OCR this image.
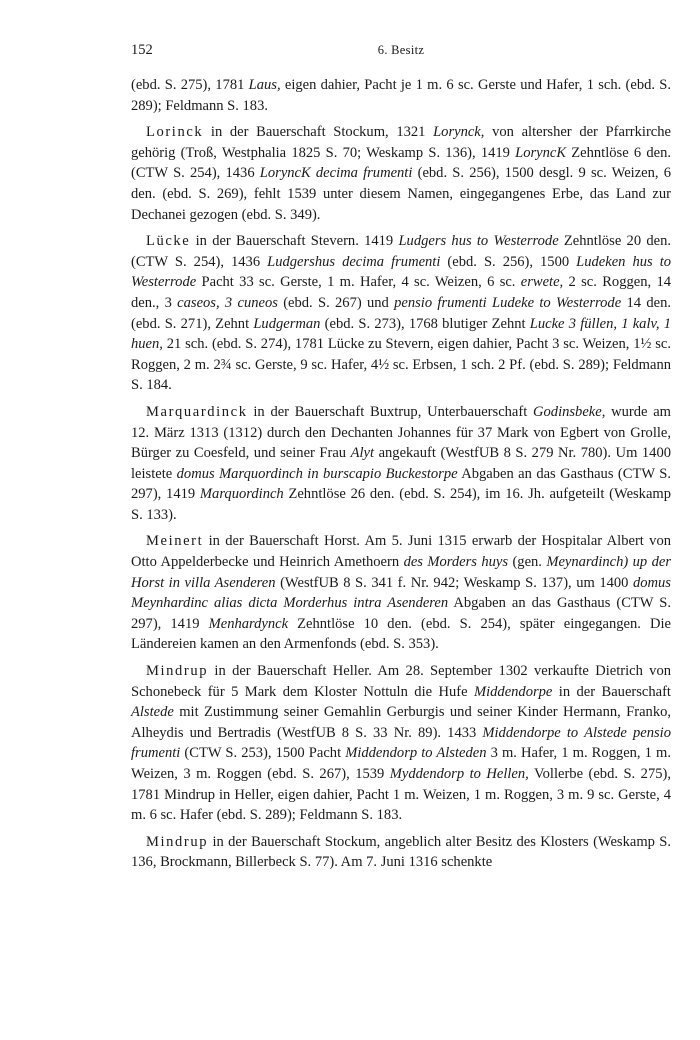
152	6. Besitz

(ebd. S. 275), 1781 Laus, eigen dahier, Pacht je 1 m. 6 sc. Gerste und Hafer, 1 sch. (ebd. S. 289); Feldmann S. 183.

Lorinck in der Bauerschaft Stockum, 1321 Lorynck, von altersher der Pfarrkirche gehörig (Troß, Westphalia 1825 S. 70; Weskamp S. 136), 1419 LoryncK Zehntlöse 6 den. (CTW S. 254), 1436 LoryncK decima frumenti (ebd. S. 256), 1500 desgl. 9 sc. Weizen, 6 den. (ebd. S. 269), fehlt 1539 unter diesem Namen, eingegangenes Erbe, das Land zur Dechanei gezogen (ebd. S. 349).

Lücke in der Bauerschaft Stevern. 1419 Ludgers hus to Westerrode Zehntlöse 20 den. (CTW S. 254), 1436 Ludgershus decima frumenti (ebd. S. 256), 1500 Ludeken hus to Westerrode Pacht 33 sc. Gerste, 1 m. Hafer, 4 sc. Weizen, 6 sc. erwete, 2 sc. Roggen, 14 den., 3 caseos, 3 cuneos (ebd. S. 267) und pensio frumenti Ludeke to Westerrode 14 den. (ebd. S. 271), Zehnt Ludgerman (ebd. S. 273), 1768 blutiger Zehnt Lucke 3 füllen, 1 kalv, 1 huen, 21 sch. (ebd. S. 274), 1781 Lücke zu Stevern, eigen dahier, Pacht 3 sc. Weizen, 1½ sc. Roggen, 2 m. 2¾ sc. Gerste, 9 sc. Hafer, 4½ sc. Erbsen, 1 sch. 2 Pf. (ebd. S. 289); Feldmann S. 184.

Marquardinck in der Bauerschaft Buxtrup, Unterbauerschaft Godinsbeke, wurde am 12. März 1313 (1312) durch den Dechanten Johannes für 37 Mark von Egbert von Grolle, Bürger zu Coesfeld, und seiner Frau Alyt angekauft (WestfUB 8 S. 279 Nr. 780). Um 1400 leistete domus Marquordinch in burscapio Buckestorpe Abgaben an das Gasthaus (CTW S. 297), 1419 Marquordinch Zehntlöse 26 den. (ebd. S. 254), im 16. Jh. aufgeteilt (Weskamp S. 133).

Meinert in der Bauerschaft Horst. Am 5. Juni 1315 erwarb der Hospitalar Albert von Otto Appelderbecke und Heinrich Amethoern des Morders huys (gen. Meynardinch) up der Horst in villa Asenderen (WestfUB 8 S. 341 f. Nr. 942; Weskamp S. 137), um 1400 domus Meynhardinc alias dicta Morderhus intra Asenderen Abgaben an das Gasthaus (CTW S. 297), 1419 Menhardynck Zehntlöse 10 den. (ebd. S. 254), später eingegangen. Die Ländereien kamen an den Armenfonds (ebd. S. 353).

Mindrup in der Bauerschaft Heller. Am 28. September 1302 verkaufte Dietrich von Schonebeck für 5 Mark dem Kloster Nottuln die Hufe Middendorpe in der Bauerschaft Alstede mit Zustimmung seiner Gemahlin Gerburgis und seiner Kinder Hermann, Franko, Alheydis und Bertradis (WestfUB 8 S. 33 Nr. 89). 1433 Middendorpe to Alstede pensio frumenti (CTW S. 253), 1500 Pacht Middendorp to Alsteden 3 m. Hafer, 1 m. Roggen, 1 m. Weizen, 3 m. Roggen (ebd. S. 267), 1539 Myddendorp to Hellen, Vollerbe (ebd. S. 275), 1781 Mindrup in Heller, eigen dahier, Pacht 1 m. Weizen, 1 m. Roggen, 3 m. 9 sc. Gerste, 4 m. 6 sc. Hafer (ebd. S. 289); Feldmann S. 183.

Mindrup in der Bauerschaft Stockum, angeblich alter Besitz des Klosters (Weskamp S. 136, Brockmann, Billerbeck S. 77). Am 7. Juni 1316 schenkte
